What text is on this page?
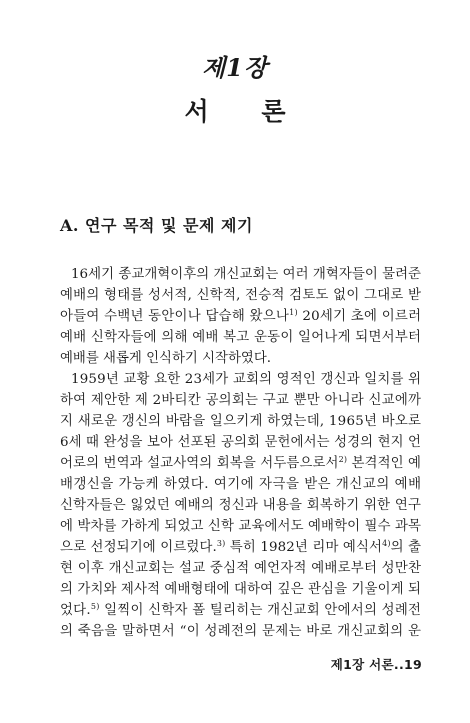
제1장
서 론
A. 연구 목적 및 문제 제기
16세기 종교개혁이후의 개신교회는 여러 개혁자들이 물려준
예배의 형태를 성서적, 신학적, 전승적 검토도 없이 그대로 받
아들여 수백년 동안이나 답습해 왔으나$^{1)}$ 20세기 초에 이르러
예배 신학자들에 의해 예배 복고 운동이 일어나게 되면서부터
예배를 새롭게 인식하기 시작하였다.
1959년 교황 요한 23세가 교회의 영적인 갱신과 일치를 위
하여 제안한 제 2바티칸 공의회는 구교 뿐만 아니라 신교에까
지 새로운 갱신의 바람을 일으키게 하였는데, 1965년 바오로
6세 때 완성을 보아 선포된 공의회 문헌에서는 성경의 현지 언
어로의 번역과 설교사역의 회복을 서두름으로서$^{2)}$ 본격적인 예
배갱신을 가능케 하였다. 여기에 자극을 받은 개신교의 예배
신학자들은 잃었던 예배의 정신과 내용을 회복하기 위한 연구
에 박차를 가하게 되었고 신학 교육에서도 예배학이 필수 과목
으로 선정되기에 이르렀다.$^{3)}$ 특히 1982년 리마 예식서$^{4)}$의 출
현 이후 개신교회는 설교 중심적 예언자적 예배로부터 성만찬
의 가치와 제사적 예배형태에 대하여 깊은 관심을 기울이게 되
었다.$^{5)}$ 일찍이 신학자 폴 틸리히는 개신교회 안에서의 성례전
의 죽음을 말하면서 “이 성례전의 문제는 바로 개신교회의 운
제1장 서론..19
